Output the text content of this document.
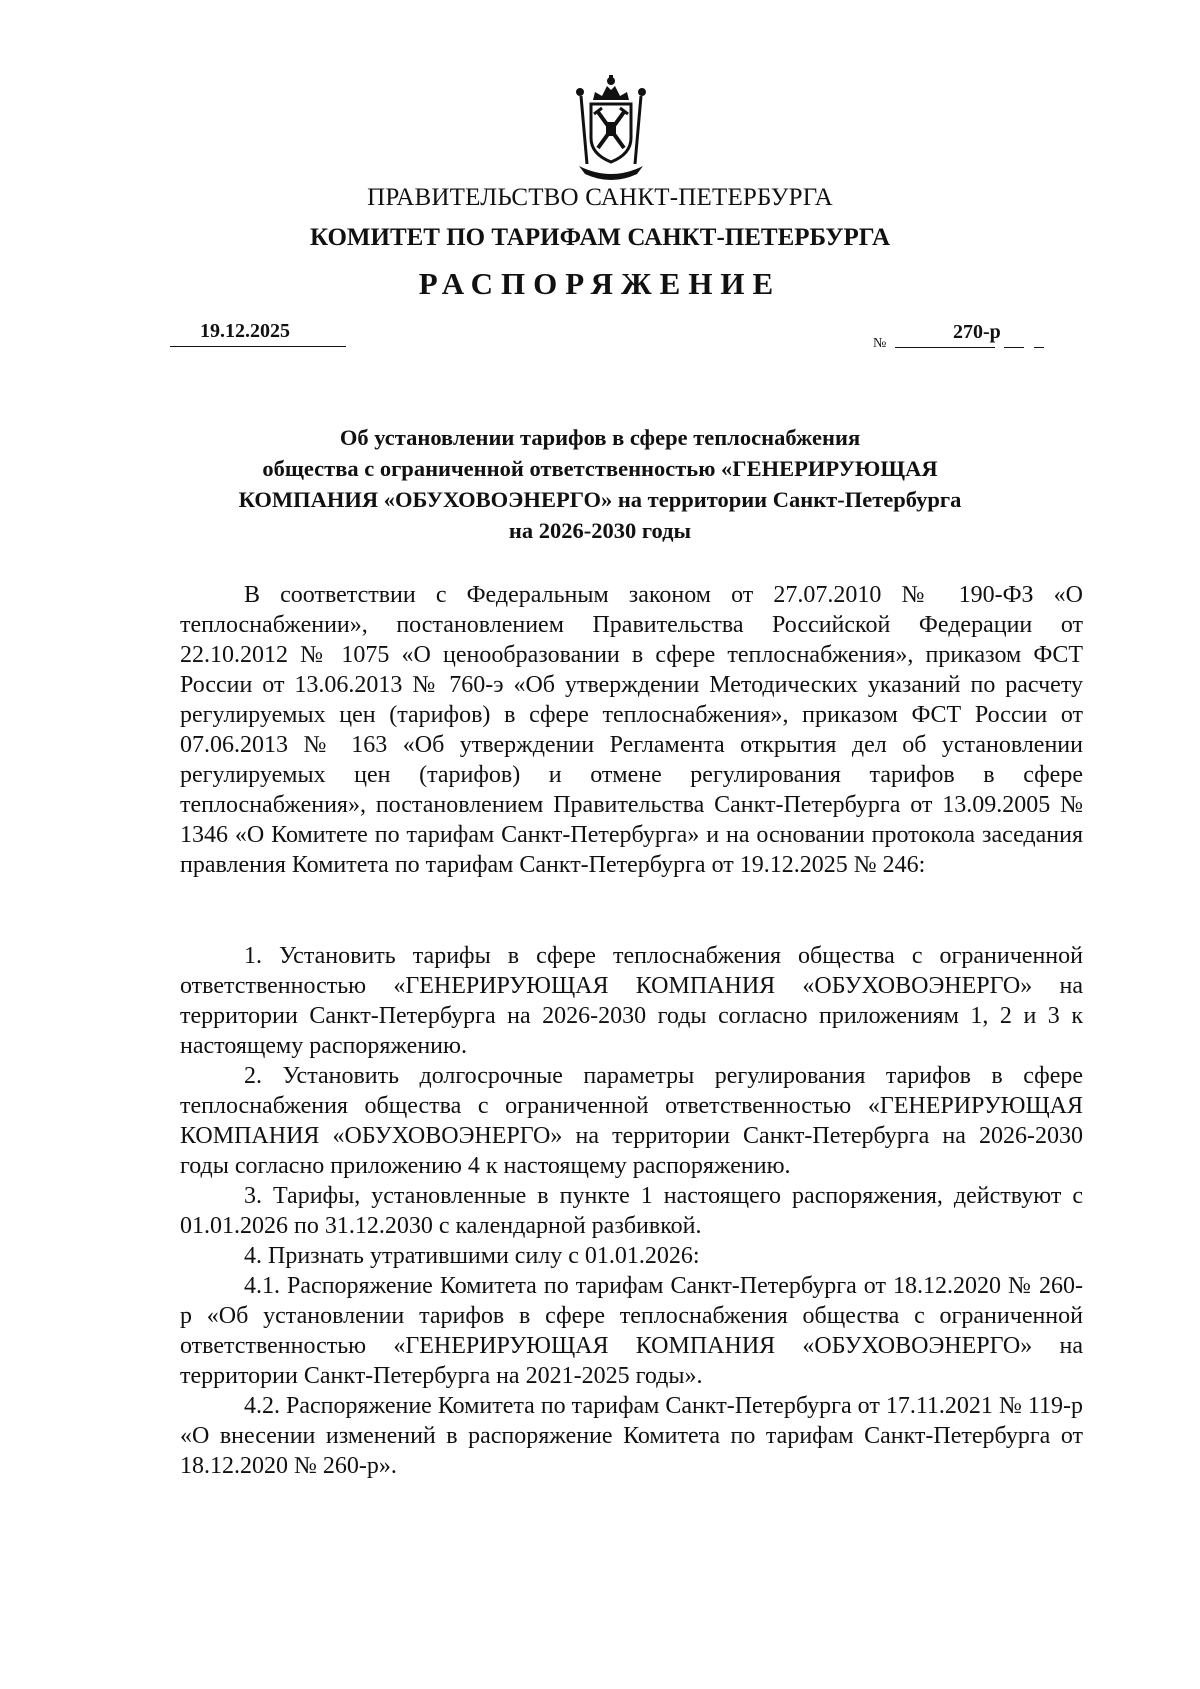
ПРАВИТЕЛЬСТВО САНКТ-ПЕТЕРБУРГА
КОМИТЕТ ПО ТАРИФАМ САНКТ-ПЕТЕРБУРГА
РАСПОРЯЖЕНИЕ
19.12.2025
№
270-р
Об установлении тарифов в сфере теплоснабжения
общества с ограниченной ответственностью «ГЕНЕРИРУЮЩАЯ
КОМПАНИЯ «ОБУХОВОЭНЕРГО» на территории Санкт-Петербурга
на 2026-2030 годы
В соответствии с Федеральным законом от 27.07.2010 № 190-ФЗ «О теплоснабжении», постановлением Правительства Российской Федерации от 22.10.2012 № 1075 «О ценообразовании в сфере теплоснабжения», приказом ФСТ России от 13.06.2013 № 760-э «Об утверждении Методических указаний по расчету регулируемых цен (тарифов) в сфере теплоснабжения», приказом ФСТ России от 07.06.2013 № 163 «Об утверждении Регламента открытия дел об установлении регулируемых цен (тарифов) и отмене регулирования тарифов в сфере теплоснабжения», постановлением Правительства Санкт-Петербурга от 13.09.2005 № 1346 «О Комитете по тарифам Санкт-Петербурга» и на основании протокола заседания правления Комитета по тарифам Санкт-Петербурга от 19.12.2025 № 246:

1. Установить тарифы в сфере теплоснабжения общества с ограниченной ответственностью «ГЕНЕРИРУЮЩАЯ КОМПАНИЯ «ОБУХОВОЭНЕРГО» на территории Санкт-Петербурга на 2026-2030 годы согласно приложениям 1, 2 и 3 к настоящему распоряжению.

2. Установить долгосрочные параметры регулирования тарифов в сфере теплоснабжения общества с ограниченной ответственностью «ГЕНЕРИРУЮЩАЯ КОМПАНИЯ «ОБУХОВОЭНЕРГО» на территории Санкт-Петербурга на 2026-2030 годы согласно приложению 4 к настоящему распоряжению.

3. Тарифы, установленные в пункте 1 настоящего распоряжения, действуют с 01.01.2026 по 31.12.2030 с календарной разбивкой.

4. Признать утратившими силу с 01.01.2026:

4.1. Распоряжение Комитета по тарифам Санкт-Петербурга от 18.12.2020 № 260-р «Об установлении тарифов в сфере теплоснабжения общества с ограниченной ответственностью «ГЕНЕРИРУЮЩАЯ КОМПАНИЯ «ОБУХОВОЭНЕРГО» на территории Санкт-Петербурга на 2021-2025 годы».

4.2. Распоряжение Комитета по тарифам Санкт-Петербурга от 17.11.2021 № 119-р «О внесении изменений в распоряжение Комитета по тарифам Санкт-Петербурга от 18.12.2020 № 260-р».
